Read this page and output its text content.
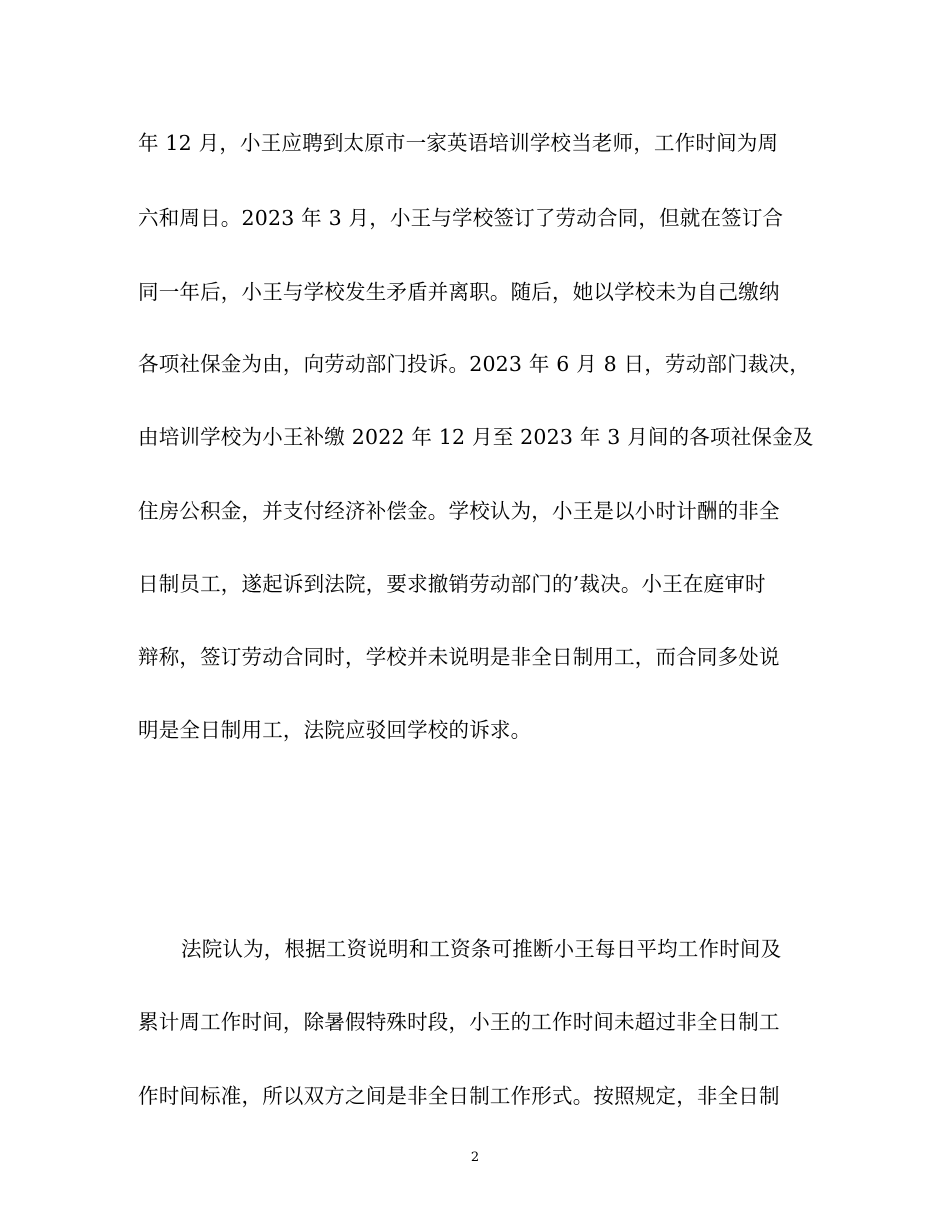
年 12 月，小王应聘到太原市一家英语培训学校当老师，工作时间为周
六和周日。2023 年 3 月，小王与学校签订了劳动合同，但就在签订合
同一年后，小王与学校发生矛盾并离职。随后，她以学校未为自己缴纳
各项社保金为由，向劳动部门投诉。2023 年 6 月 8 日，劳动部门裁决，
由培训学校为小王补缴 2022 年 12 月至 2023 年 3 月间的各项社保金及
住房公积金，并支付经济补偿金。学校认为，小王是以小时计酬的非全
日制员工，遂起诉到法院，要求撤销劳动部门的’裁决。小王在庭审时
辩称，签订劳动合同时，学校并未说明是非全日制用工，而合同多处说
明是全日制用工，法院应驳回学校的诉求。
法院认为，根据工资说明和工资条可推断小王每日平均工作时间及
累计周工作时间，除暑假特殊时段，小王的工作时间未超过非全日制工
作时间标准，所以双方之间是非全日制工作形式。按照规定，非全日制
2
